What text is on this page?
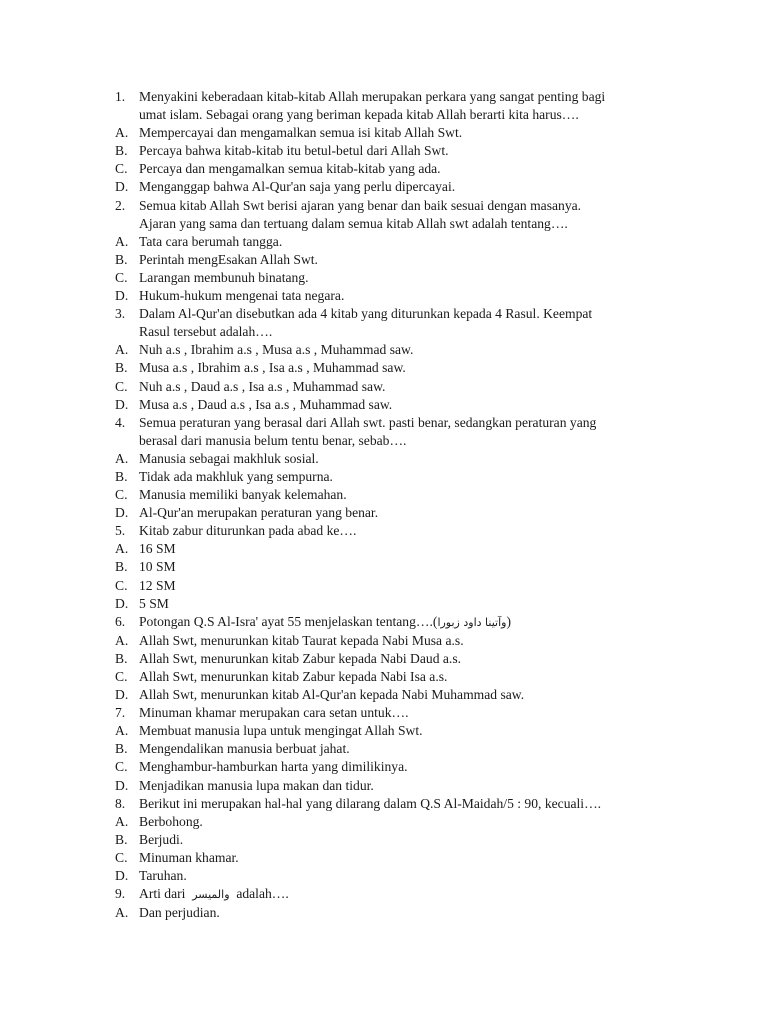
1.	Menyakini keberadaan kitab-kitab Allah merupakan perkara yang sangat penting bagi
umat islam. Sebagai orang yang beriman kepada kitab Allah berarti kita harus….
A. Mempercayai dan mengamalkan semua isi kitab Allah Swt.
B. Percaya bahwa kitab-kitab itu betul-betul dari Allah Swt.
C. Percaya dan mengamalkan semua kitab-kitab yang ada.
D. Menganggap bahwa Al-Qur'an saja yang perlu dipercayai.
2.	Semua kitab Allah Swt berisi ajaran yang benar dan baik sesuai dengan masanya.
Ajaran yang sama dan tertuang dalam semua kitab Allah swt adalah tentang….
A. Tata cara berumah tangga.
B. Perintah mengEsakan Allah Swt.
C. Larangan membunuh binatang.
D. Hukum-hukum mengenai tata negara.
3.	Dalam Al-Qur'an disebutkan ada 4 kitab yang diturunkan kepada 4 Rasul. Keempat
Rasul tersebut adalah….
A. Nuh a.s , Ibrahim a.s , Musa a.s , Muhammad saw.
B. Musa a.s , Ibrahim a.s , Isa a.s , Muhammad saw.
C. Nuh a.s , Daud a.s , Isa a.s , Muhammad saw.
D. Musa a.s , Daud a.s , Isa a.s , Muhammad saw.
4.	Semua peraturan yang berasal dari Allah swt. pasti benar, sedangkan peraturan yang
berasal dari manusia belum tentu benar, sebab….
A. Manusia sebagai makhluk sosial.
B. Tidak ada makhluk yang sempurna.
C. Manusia memiliki banyak kelemahan.
D. Al-Qur'an merupakan peraturan yang benar.
5.	Kitab zabur diturunkan pada abad ke….
A. 16 SM
B. 10 SM
C. 12 SM
D. 5 SM
6.	Potongan Q.S Al-Isra' ayat 55 menjelaskan tentang….(وآتينا داود زبورا)
A. Allah Swt, menurunkan kitab Taurat kepada Nabi Musa a.s.
B. Allah Swt, menurunkan kitab Zabur kepada Nabi Daud a.s.
C. Allah Swt, menurunkan kitab Zabur kepada Nabi Isa a.s.
D. Allah Swt, menurunkan kitab Al-Qur'an kepada Nabi Muhammad saw.
7.	Minuman khamar merupakan cara setan untuk….
A. Membuat manusia lupa untuk mengingat Allah Swt.
B. Mengendalikan manusia berbuat jahat.
C. Menghambur-hamburkan harta yang dimilikinya.
D. Menjadikan manusia lupa makan dan tidur.
8.	Berikut ini merupakan hal-hal yang dilarang dalam Q.S Al-Maidah/5 : 90, kecuali….
A. Berbohong.
B. Berjudi.
C. Minuman khamar.
D. Taruhan.
9.	Arti dari والميسر adalah….
A. Dan perjudian.
